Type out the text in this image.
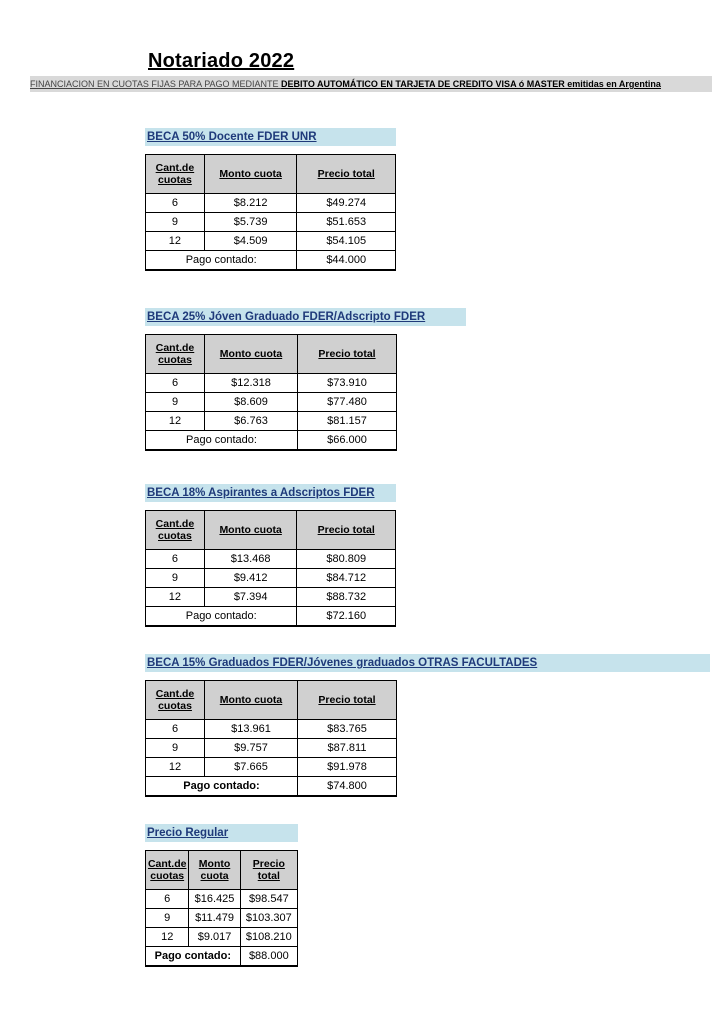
Notariado 2022
FINANCIACION EN CUOTAS FIJAS PARA PAGO MEDIANTE DEBITO AUTOMÁTICO EN TARJETA DE CREDITO VISA ó MASTER emitidas en Argentina
BECA 50% Docente FDER UNR
Cant.de cuotas	Monto cuota	Precio total
6	$8.212	$49.274
9	$5.739	$51.653
12	$4.509	$54.105
Pago contado:		$44.000
BECA 25% Jóven Graduado FDER/Adscripto FDER
Cant.de cuotas	Monto cuota	Precio total
6	$12.318	$73.910
9	$8.609	$77.480
12	$6.763	$81.157
Pago contado:		$66.000
BECA 18% Aspirantes a Adscriptos FDER
Cant.de cuotas	Monto cuota	Precio total
6	$13.468	$80.809
9	$9.412	$84.712
12	$7.394	$88.732
Pago contado:		$72.160
BECA 15% Graduados FDER/Jóvenes graduados OTRAS FACULTADES
Cant.de cuotas	Monto cuota	Precio total
6	$13.961	$83.765
9	$9.757	$87.811
12	$7.665	$91.978
Pago contado:		$74.800
Precio Regular
Cant.de cuotas	Monto cuota	Precio total
6	$16.425	$98.547
9	$11.479	$103.307
12	$9.017	$108.210
Pago contado:		$88.000
